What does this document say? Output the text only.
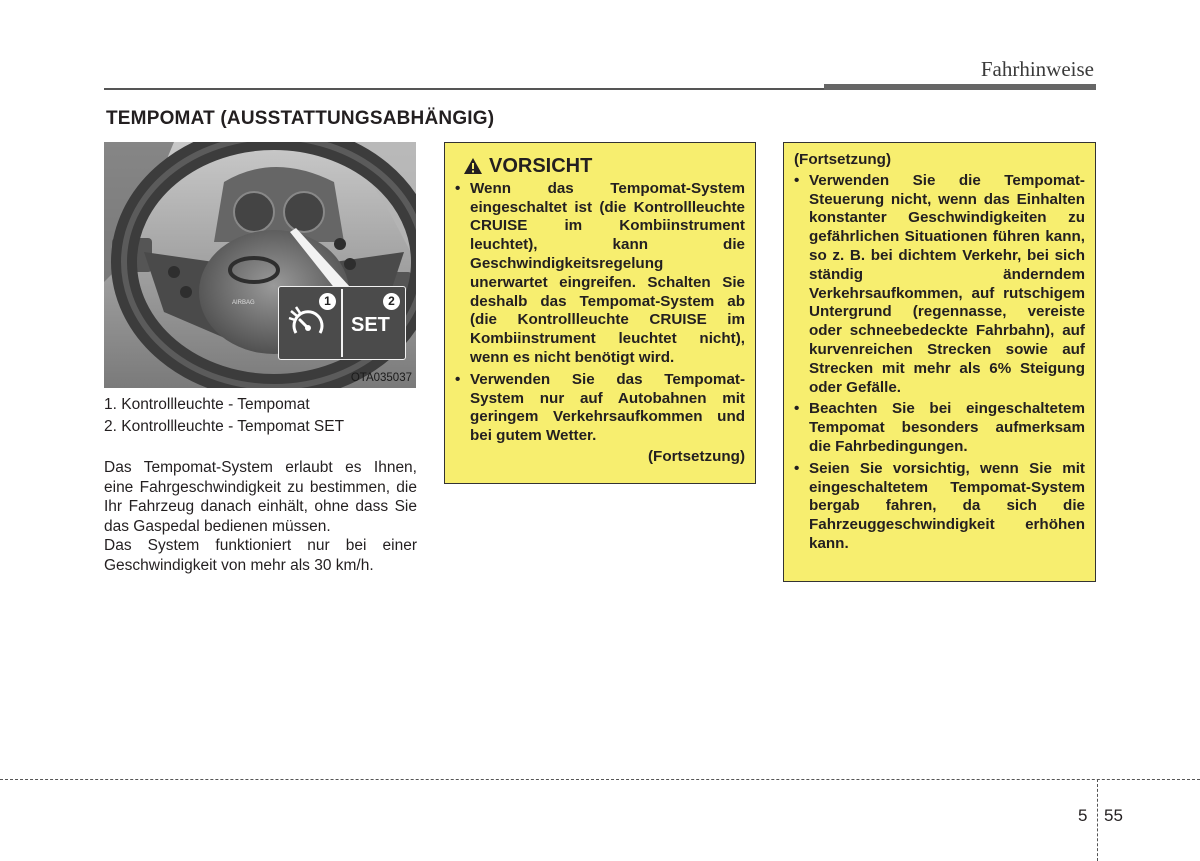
Fahrhinweise
TEMPOMAT (AUSSTATTUNGSABHÄNGIG)
AIRBAG
OTA035037
SET
1	2
1. Kontrollleuchte - Tempomat
2. Kontrollleuchte - Tempomat SET

Das Tempomat-System erlaubt es Ihnen, eine Fahrgeschwindigkeit zu bestimmen, die Ihr Fahrzeug danach einhält, ohne dass Sie das Gaspedal bedienen müssen.

Das System funktioniert nur bei einer Geschwindigkeit von mehr als 30 km/h.

VORSICHT
• Wenn das Tempomat-System eingeschaltet ist (die Kontrollleuchte CRUISE im Kombiinstrument leuchtet), kann die Geschwindigkeitsregelung unerwartet eingreifen. Schalten Sie deshalb das Tempomat-System ab (die Kontrollleuchte CRUISE im Kombiinstrument leuchtet nicht), wenn es nicht benötigt wird.
• Verwenden Sie das Tempomat-System nur auf Autobahnen mit geringem Verkehrsaufkommen und bei gutem Wetter.
(Fortsetzung)
(Fortsetzung)
• Verwenden Sie die Tempomat-Steuerung nicht, wenn das Einhalten konstanter Geschwindigkeiten zu gefährlichen Situationen führen kann, so z. B. bei dichtem Verkehr, bei sich ständig änderndem Verkehrsaufkommen, auf rutschigem Untergrund (regennasse, vereiste oder schneebedeckte Fahrbahn), auf kurvenreichen Strecken sowie auf Strecken mit mehr als 6% Steigung oder Gefälle.
• Beachten Sie bei eingeschaltetem Tempomat besonders aufmerksam die Fahrbedingungen.
• Seien Sie vorsichtig, wenn Sie mit eingeschaltetem Tempomat-System bergab fahren, da sich die Fahrzeuggeschwindigkeit erhöhen kann.
5 55
